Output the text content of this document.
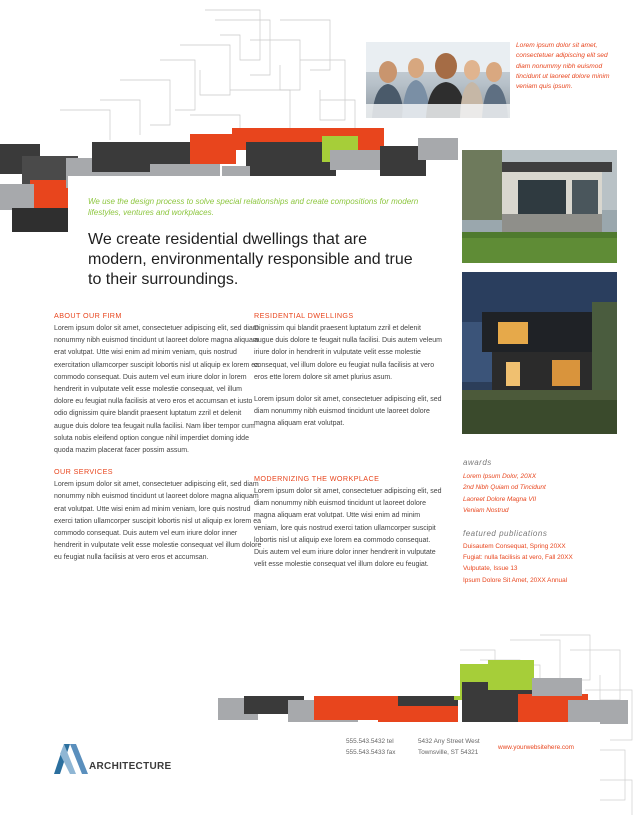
Lorem ipsum dolor sit amet, consectetuer adipiscing elit sed diam nonummy nibh euismod tincidunt ut laoreet dolore minim veniam quis ipsum.
We use the design process to solve special relationships and create compositions for modern lifestyles, ventures and workplaces.
We create residential dwellings that are modern, environmentally responsible and true to their surroundings.
ABOUT OUR FIRM
Lorem ipsum dolor sit amet, consectetuer adipiscing elit, sed diam nonummy nibh euismod tincidunt ut laoreet dolore magna aliquam erat volutpat. Utte wisi enim ad minim veniam, quis nostrud exercitation ullamcorper suscipit lobortis nisl ut aliquip ex lorem ea commodo consequat. Duis autem vel eum iriure dolor in lorem hendrerit in vulputate velit esse molestie consequat, vel illum dolore eu feugiat nulla facilisis at vero eros et accumsan et iusto odio dignissim quire blandit praesent luptatum zzril et delenit augue duis dolore tea feugait nulla facilisi. Nam liber tempor cum soluta nobis eleifend option congue nihil imperdiet doming idde quoda mazim placerat facer possim assum.
OUR SERVICES
Lorem ipsum dolor sit amet, consectetuer adipiscing elit, sed diam nonummy nibh euismod tincidunt ut laoreet dolore magna aliquam erat volutpat. Utte wisi enim ad minim veniam, lore quis nostrud exerci tation ullamcorper suscipit lobortis nisl ut aliquip ex lorem ea commodo consequat. Duis autem vel eum iriure dolor inner hendrerit in vulputate velit esse molestie consequat vel illum dolore eu feugiat nulla facilisis at vero eros et accumsan.
RESIDENTIAL DWELLINGS
Dignissim qui blandit praesent luptatum zzril et delenit augue duis dolore te feugait nulla facilisi. Duis autem veleum iriure dolor in hendrerit in vulputate velit esse molestie consequat, vel illum dolore eu feugiat nulla facilisis at vero eros ette lorem dolore sit amet plurius asum.
Lorem ipsum dolor sit amet, consectetuer adipiscing elit, sed diam nonummy nibh euismod tincidunt ute laoreet dolore magna aliquam erat volutpat.
MODERNIZING THE WORKPLACE
Lorem ipsum dolor sit amet, consectetuer adipiscing elit, sed diam nonummy nibh euismod tincidunt ut laoreet dolore magna aliquam erat volutpat. Utte wisi enim ad minim veniam, lore quis nostrud exerci tation ullamcorper suscipit lobortis nisl ut aliquip exe lorem ea commodo consequat. Duis autem vel eum iriure dolor inner hendrerit in vulputate velit esse molestie consequat vel illum dolore eu feugiat.
awards
Lorem Ipsum Dolor, 20XX
2nd Nibh Quiam od Tincidunt
Laoreet Dolore Magna VII
Veniam Nostrud
featured publications
Duisautem Consequat, Spring 20XX
Fugiat: nulla facilisis at vero, Fall 20XX
Vulputate, Issue 13
Ipsum Dolore Sit Amet, 20XX Annual
ARCHITECTURE
555.543.5432 tel
555.543.5433 fax
5432 Any Street West
Townsville, ST 54321
www.yourwebsitehere.com
